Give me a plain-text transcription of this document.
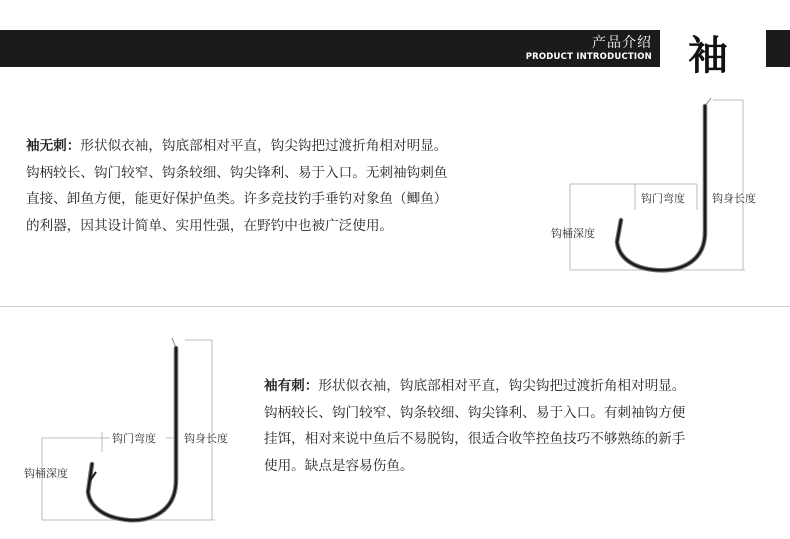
产品介绍
PRODUCT INTRODUCTION 袖
袖无刺：形状似衣袖，钩底部相对平直，钩尖钩把过渡折角相对明显。
钩柄较长、钩门较窄、钩条较细、钩尖锋利、易于入口。无刺袖钩刺鱼
直接、卸鱼方便，能更好保护鱼类。许多竞技钓手垂钓对象鱼（鲫鱼）
的利器，因其设计简单、实用性强，在野钓中也被广泛使用。
钩门弯度 钩身长度
钩桶深度
钩门弯度	钩身长度
钩桶深度
袖有刺：形状似衣袖，钩底部相对平直，钩尖钩把过渡折角相对明显。
钩柄较长、钩门较窄、钩条较细、钩尖锋利、易于入口。有刺袖钩方便
挂饵，相对来说中鱼后不易脱钩，很适合收竿控鱼技巧不够熟练的新手
使用。缺点是容易伤鱼。
